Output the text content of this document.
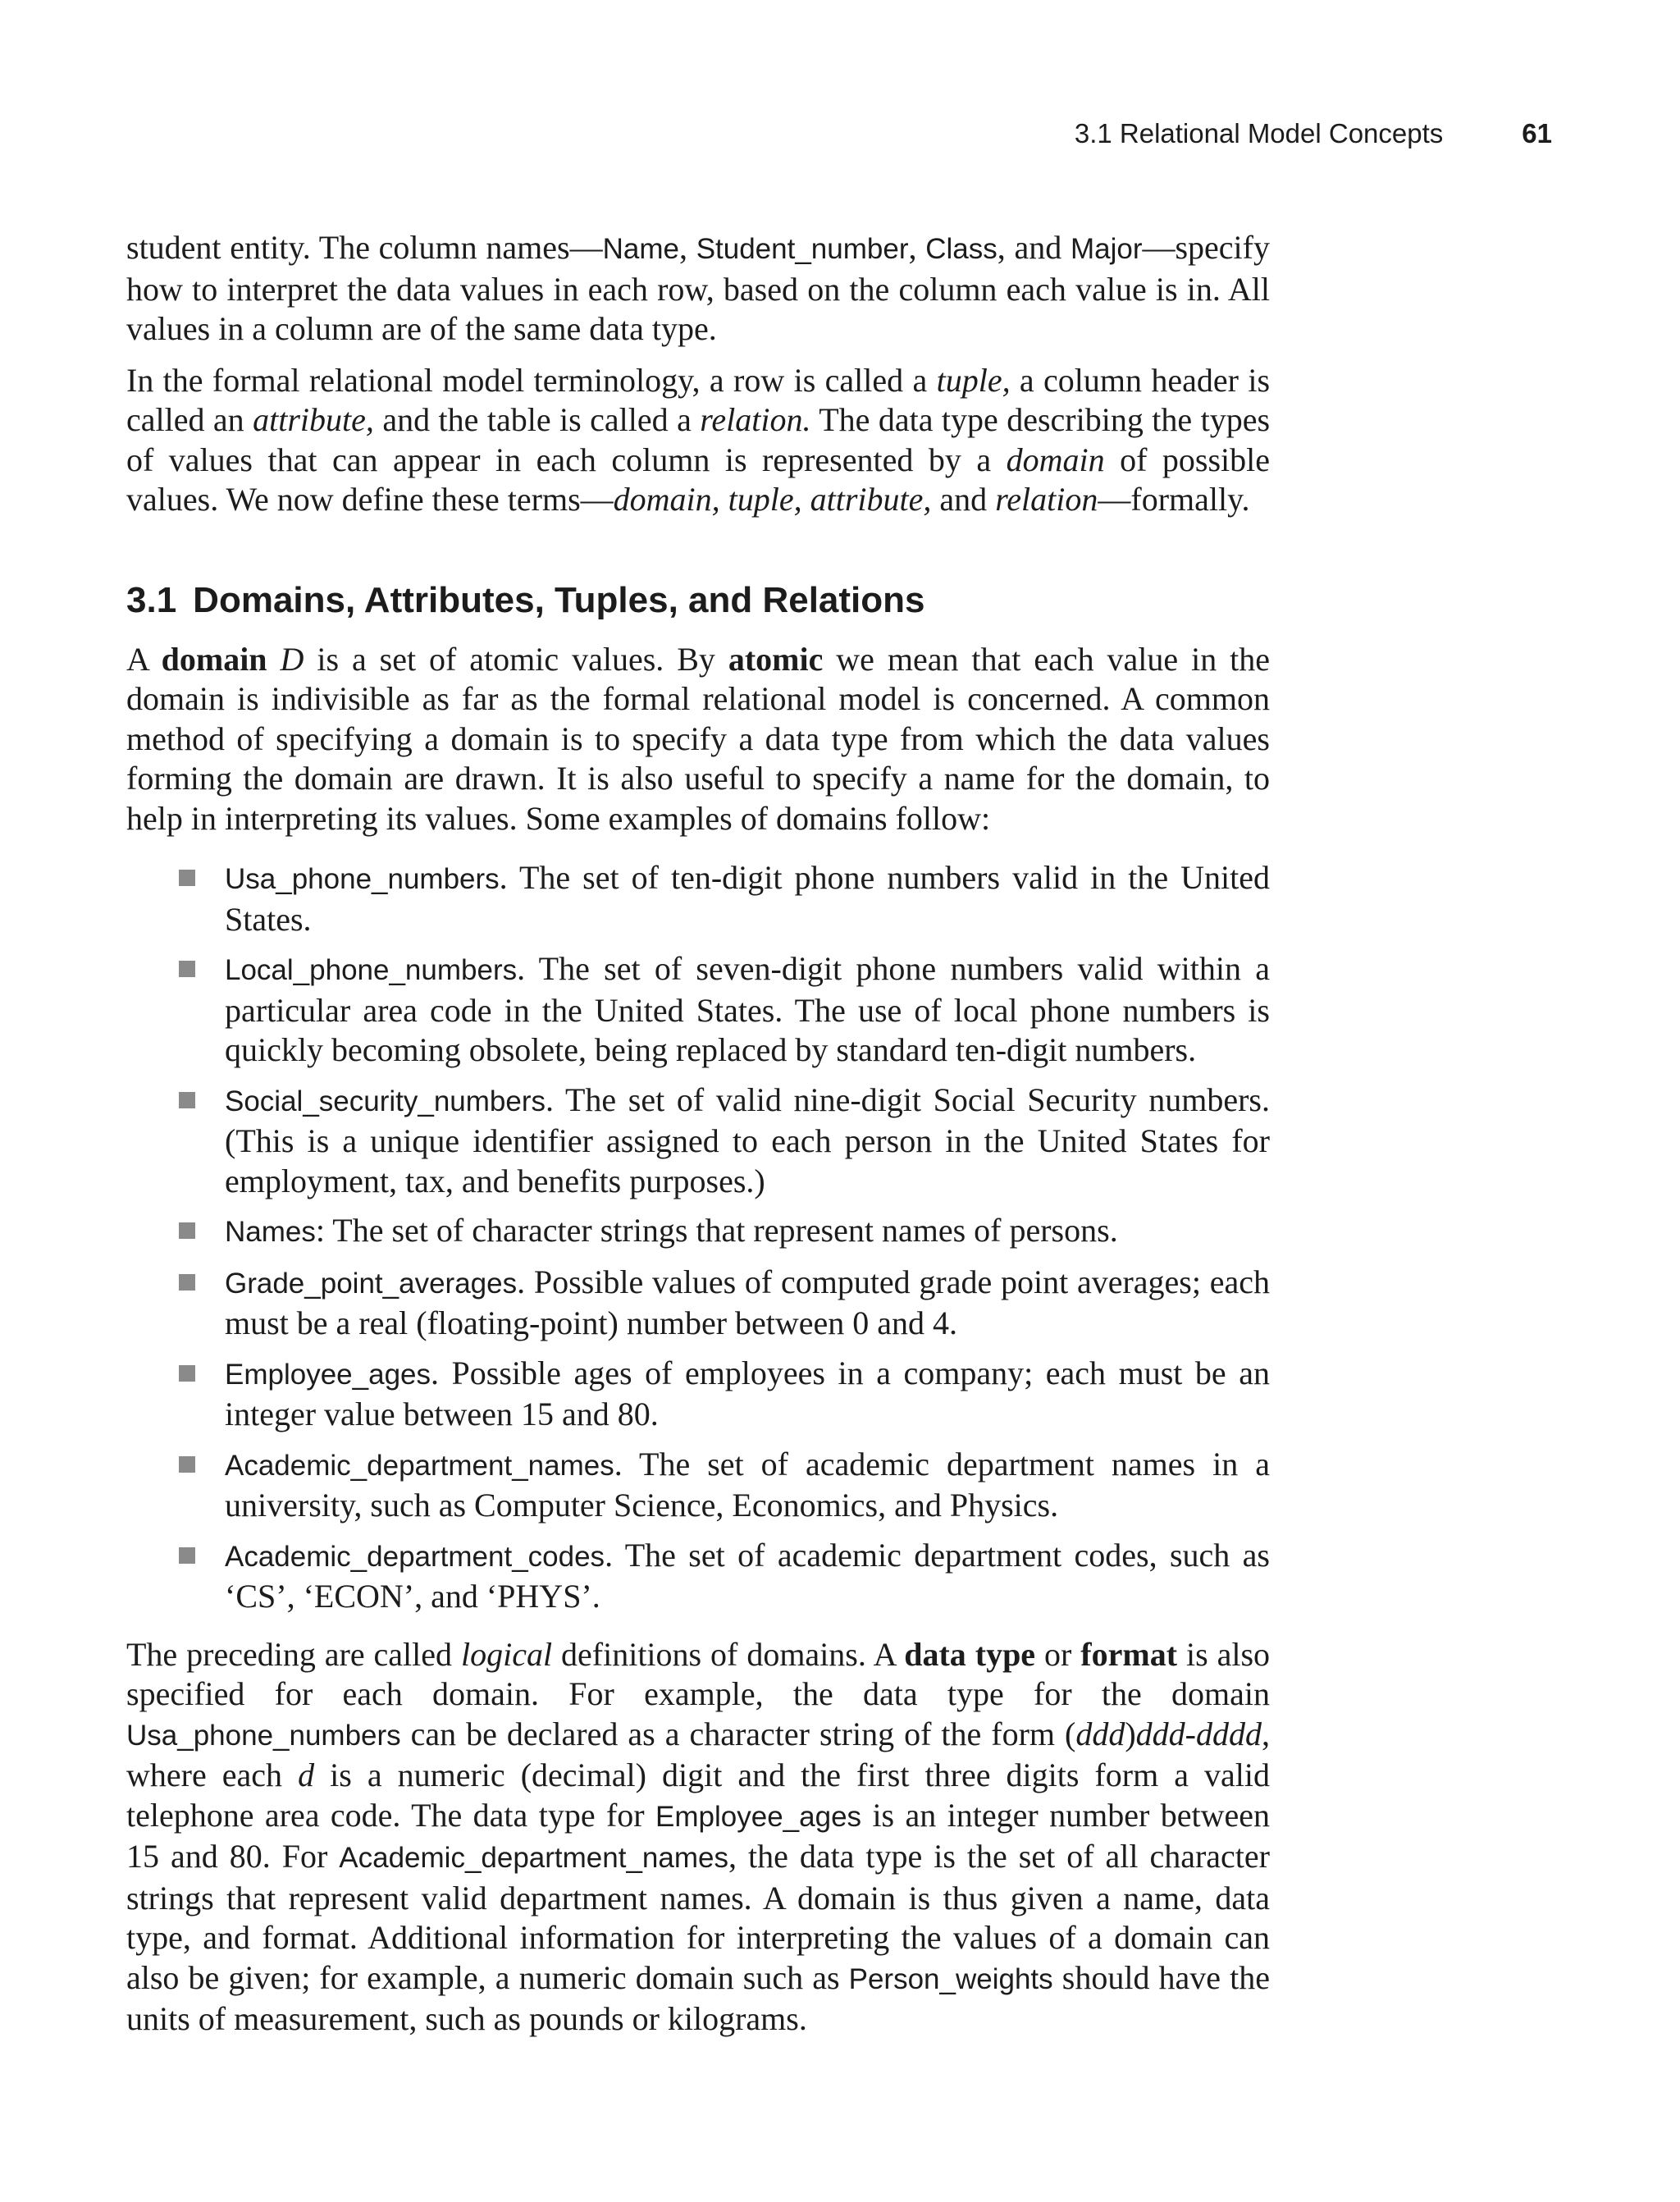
3.1 Relational Model Concepts	61

student entity. The column names—Name, Student_number, Class, and Major—specify how to interpret the data values in each row, based on the column each value is in. All values in a column are of the same data type.

In the formal relational model terminology, a row is called a tuple, a column header is called an attribute, and the table is called a relation. The data type describing the types of values that can appear in each column is represented by a domain of possible values. We now define these terms—domain, tuple, attribute, and relation—formally.

3.1 Domains, Attributes, Tuples, and Relations

A domain D is a set of atomic values. By atomic we mean that each value in the domain is indivisible as far as the formal relational model is concerned. A common method of specifying a domain is to specify a data type from which the data values forming the domain are drawn. It is also useful to specify a name for the domain, to help in interpreting its values. Some examples of domains follow:

Usa_phone_numbers. The set of ten-digit phone numbers valid in the United States.
Local_phone_numbers. The set of seven-digit phone numbers valid within a particular area code in the United States. The use of local phone numbers is quickly becoming obsolete, being replaced by standard ten-digit numbers.
Social_security_numbers. The set of valid nine-digit Social Security numbers. (This is a unique identifier assigned to each person in the United States for employment, tax, and benefits purposes.)
Names: The set of character strings that represent names of persons.
Grade_point_averages. Possible values of computed grade point averages; each must be a real (floating-point) number between 0 and 4.
Employee_ages. Possible ages of employees in a company; each must be an integer value between 15 and 80.
Academic_department_names. The set of academic department names in a university, such as Computer Science, Economics, and Physics.
Academic_department_codes. The set of academic department codes, such as ‘CS’, ‘ECON’, and ‘PHYS’.

The preceding are called logical definitions of domains. A data type or format is also specified for each domain. For example, the data type for the domain Usa_phone_numbers can be declared as a character string of the form (ddd)ddd-dddd, where each d is a numeric (decimal) digit and the first three digits form a valid telephone area code. The data type for Employee_ages is an integer number between 15 and 80. For Academic_department_names, the data type is the set of all character strings that represent valid department names. A domain is thus given a name, data type, and format. Additional information for interpreting the values of a domain can also be given; for example, a numeric domain such as Person_weights should have the units of measurement, such as pounds or kilograms.
